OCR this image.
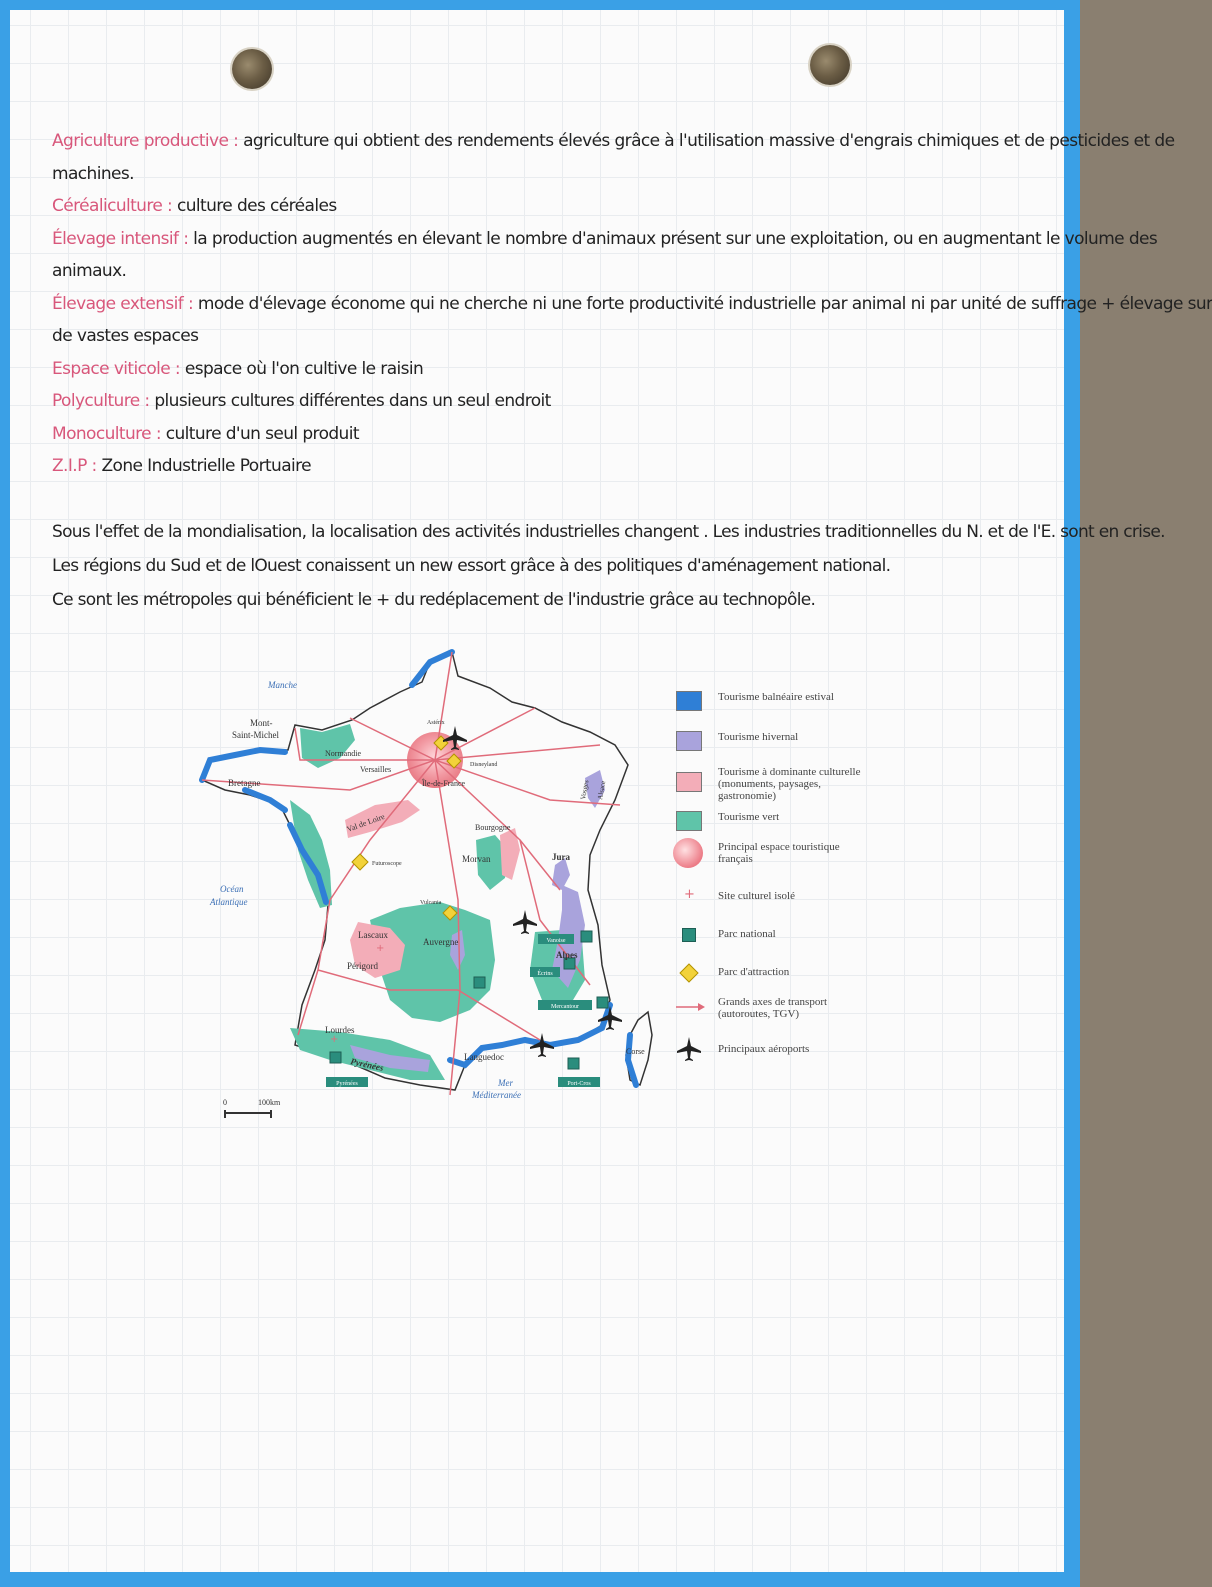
Agriculture productive : agriculture qui obtient des rendements élevés grâce à l'utilisation massive d'engrais chimiques et de pesticides et de
machines.
Céréaliculture : culture des céréales
Élevage intensif : la production augmentés en élevant le nombre d'animaux présent sur une exploitation, ou en augmentant le volume des
animaux.
Élevage extensif : mode d'élevage économe qui ne cherche ni une forte productivité industrielle par animal ni par unité de suffrage + élevage sur
de vastes espaces
Espace viticole : espace où l'on cultive le raisin
Polyculture : plusieurs cultures différentes dans un seul endroit
Monoculture : culture d'un seul produit
Z.I.P : Zone Industrielle Portuaire
Sous l'effet de la mondialisation, la localisation des activités industrielles changent . Les industries traditionnelles du N. et de l'E. sont en crise.
Les régions du Sud et de lOuest conaissent un new essort grâce à des politiques d'aménagement national.
Ce sont les métropoles qui bénéficient le + du redéplacement de l'industrie grâce au technopôle.
Vanoise
Écrins
Mercantour
Port-Cros
Pyrénées
+
+
Manche
Mont-
Saint-Michel
Normandie
Bretagne
Versailles
Astérix
Disneyland
Île-de-France	Vosges Alsace
Val de Loire
Futuroscope
Bourgogne
Morvan	Jura
Océan
Atlantique	Vulcania
Lascaux
Périgord
Auvergne
Alpes
Lourdes
Pyrénées	Languedoc
Corse
Mer
Méditerranée
0	100km
Tourisme balnéaire estival
Tourisme hivernal
Tourisme à dominante culturelle (monuments, paysages, gastronomie)
Tourisme vert
Principal espace touristique français
+ Site culturel isolé
Parc national
Parc d'attraction
Grands axes de transport (autoroutes, TGV)
Principaux aéroports
